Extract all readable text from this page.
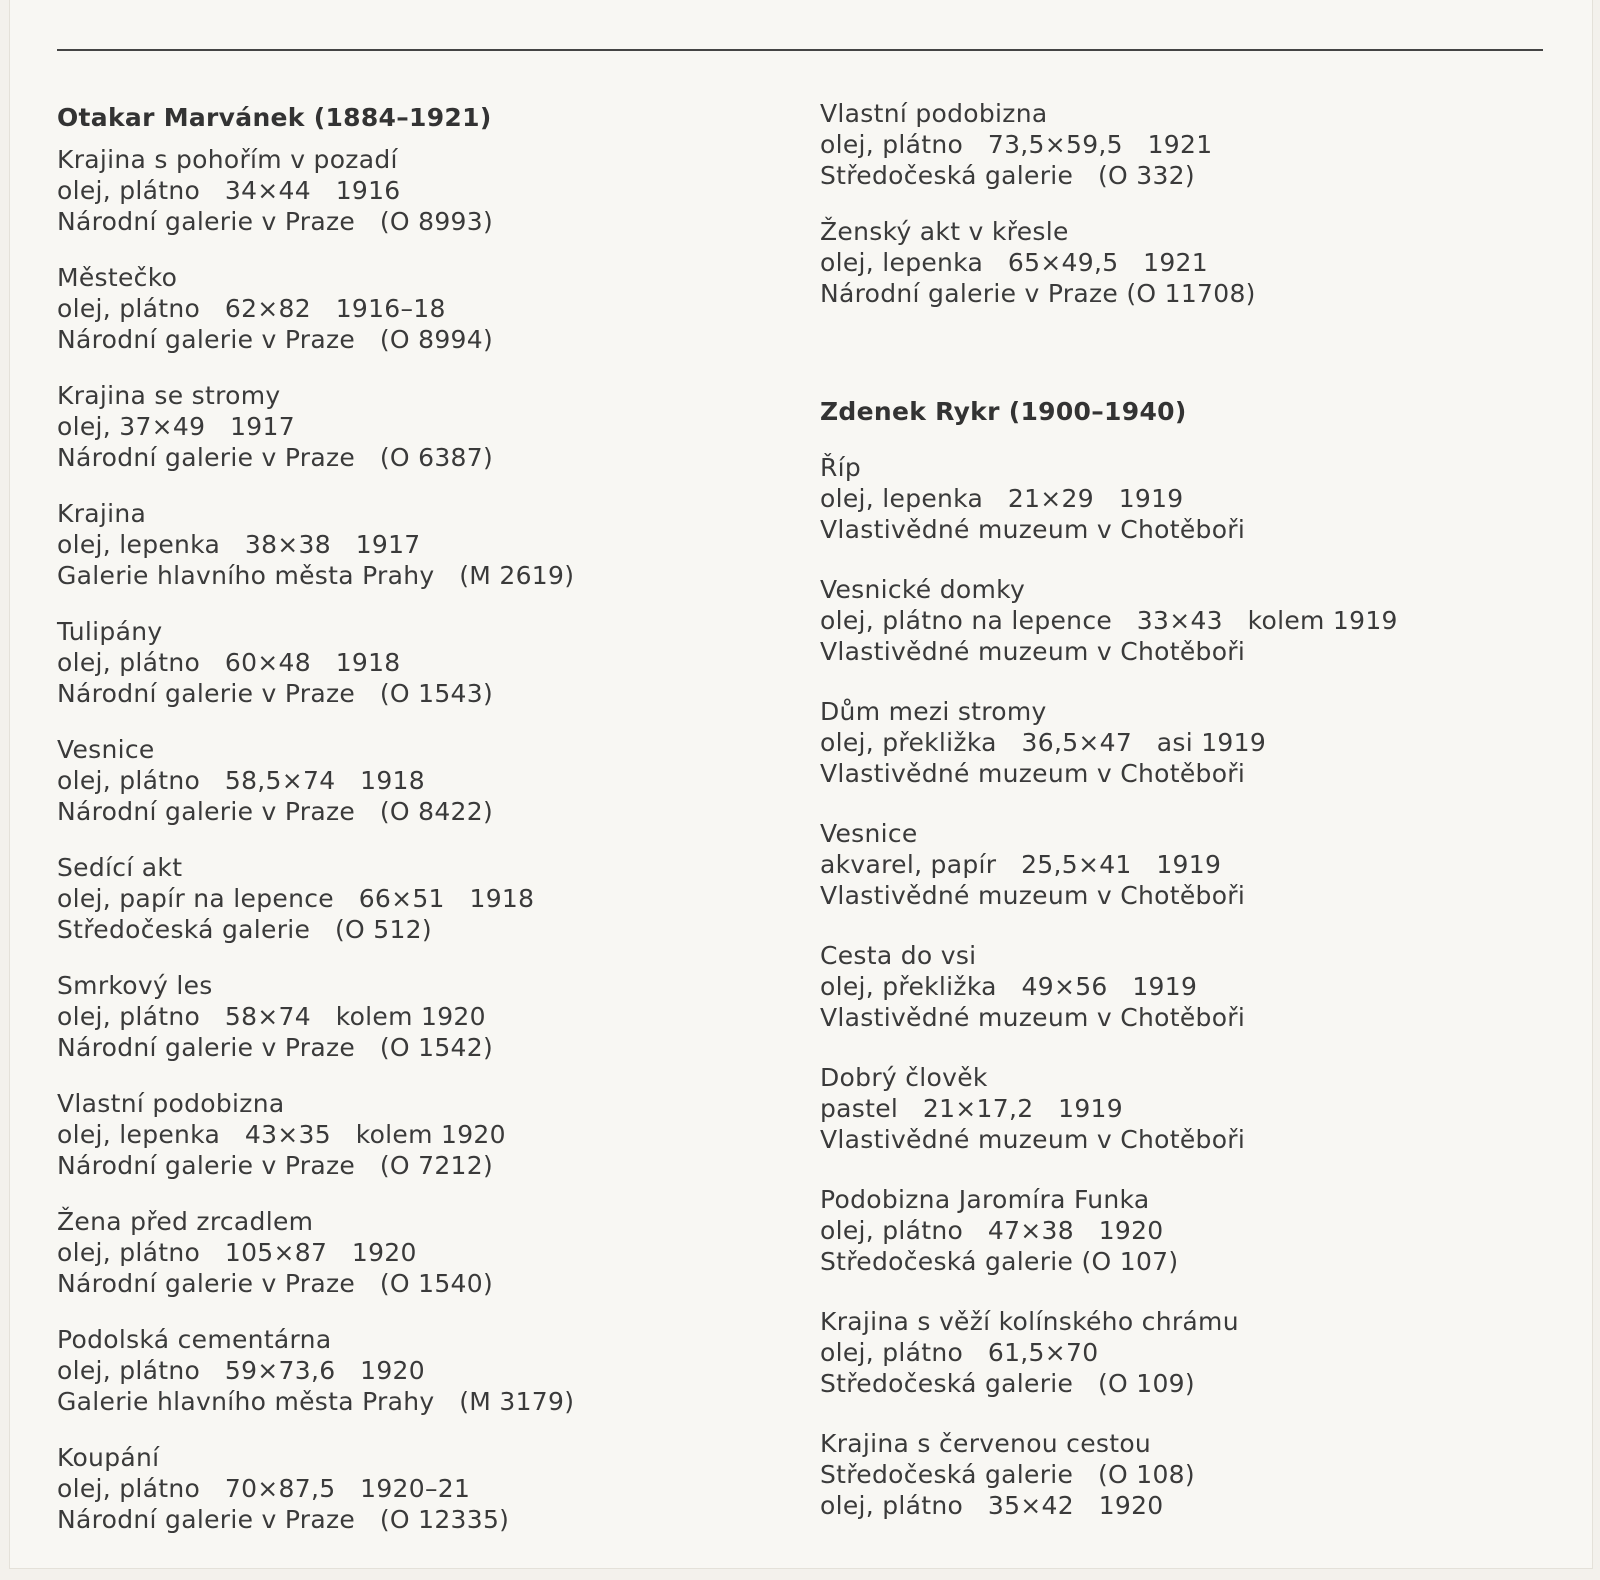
Otakar Marvánek (1884–1921)
Krajina s pohořím v pozadí
olej, plátno   34×44   1916
Národní galerie v Praze   (O 8993)
Městečko
olej, plátno   62×82   1916–18
Národní galerie v Praze   (O 8994)
Krajina se stromy
olej, 37×49   1917
Národní galerie v Praze   (O 6387)
Krajina
olej, lepenka   38×38   1917
Galerie hlavního města Prahy   (M 2619)
Tulipány
olej, plátno   60×48   1918
Národní galerie v Praze   (O 1543)
Vesnice
olej, plátno   58,5×74   1918
Národní galerie v Praze   (O 8422)
Sedící akt
olej, papír na lepence   66×51   1918
Středočeská galerie   (O 512)
Smrkový les
olej, plátno   58×74   kolem 1920
Národní galerie v Praze   (O 1542)
Vlastní podobizna
olej, lepenka   43×35   kolem 1920
Národní galerie v Praze   (O 7212)
Žena před zrcadlem
olej, plátno   105×87   1920
Národní galerie v Praze   (O 1540)
Podolská cementárna
olej, plátno   59×73,6   1920
Galerie hlavního města Prahy   (M 3179)
Koupání
olej, plátno   70×87,5   1920–21
Národní galerie v Praze   (O 12335)
Vlastní podobizna
olej, plátno   73,5×59,5   1921
Středočeská galerie   (O 332)
Ženský akt v křesle
olej, lepenka   65×49,5   1921
Národní galerie v Praze (O 11708)
Zdenek Rykr (1900–1940)
Říp
olej, lepenka   21×29   1919
Vlastivědné muzeum v Chotěboři
Vesnické domky
olej, plátno na lepence   33×43   kolem 1919
Vlastivědné muzeum v Chotěboři
Dům mezi stromy
olej, překližka   36,5×47   asi 1919
Vlastivědné muzeum v Chotěboři
Vesnice
akvarel, papír   25,5×41   1919
Vlastivědné muzeum v Chotěboři
Cesta do vsi
olej, překližka   49×56   1919
Vlastivědné muzeum v Chotěboři
Dobrý člověk
pastel   21×17,2   1919
Vlastivědné muzeum v Chotěboři
Podobizna Jaromíra Funka
olej, plátno   47×38   1920
Středočeská galerie (O 107)
Krajina s věží kolínského chrámu
olej, plátno   61,5×70
Středočeská galerie   (O 109)
Krajina s červenou cestou
Středočeská galerie   (O 108)
olej, plátno   35×42   1920
